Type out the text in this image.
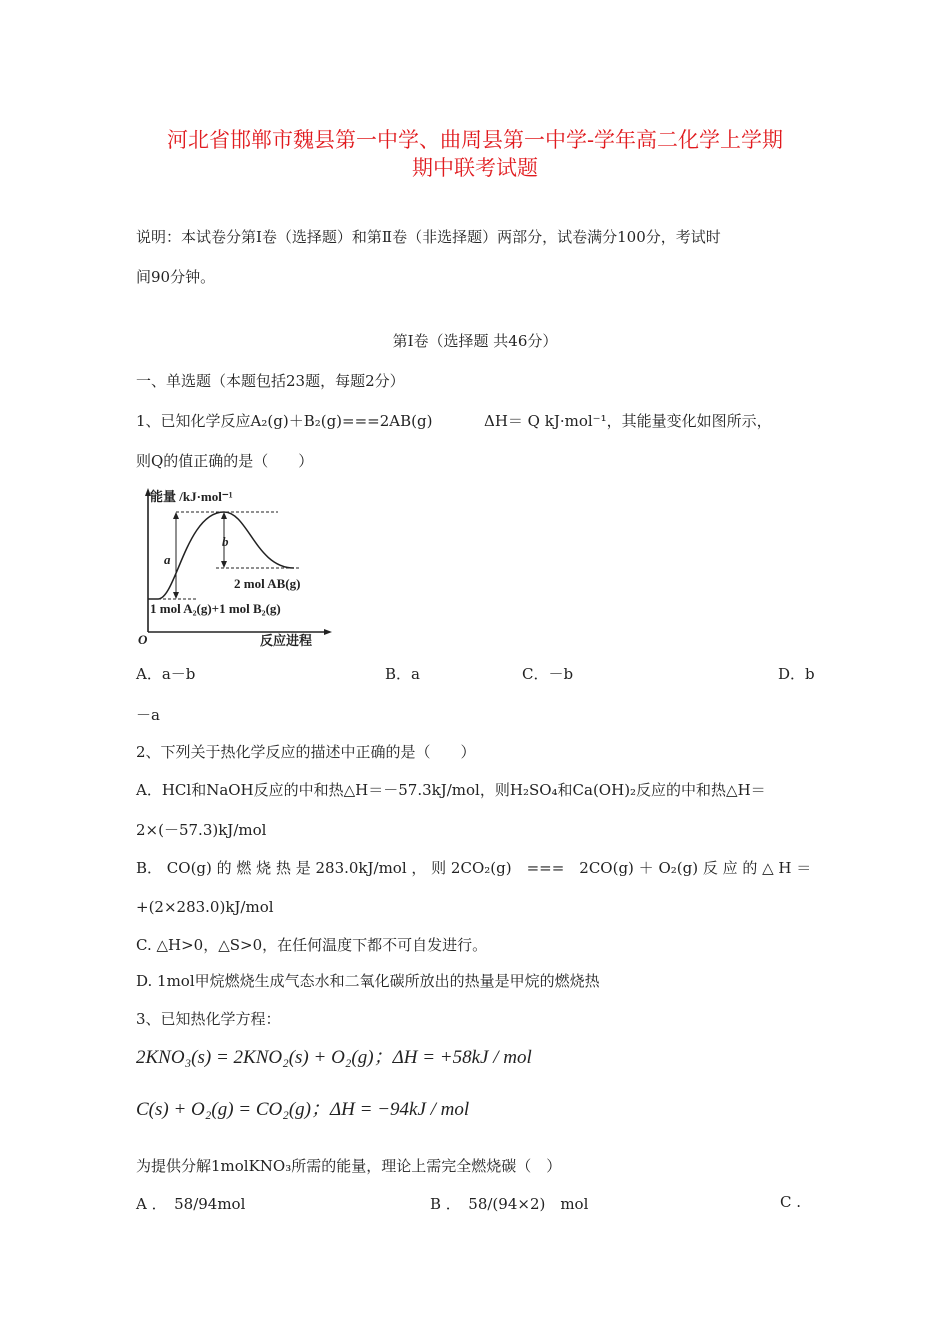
河北省邯郸市魏县第一中学、曲周县第一中学-学年高二化学上学期
期中联考试题
说明：本试卷分第Ⅰ卷（选择题）和第Ⅱ卷（非选择题）两部分，试卷满分100分，考试时
间90分钟。
第Ⅰ卷（选择题 共46分）
一、单选题（本题包括23题，每题2分）
1、已知化学反应A₂(g)＋B₂(g)===2AB(g)	ΔH＝ Q kJ·mol⁻¹，其能量变化如图所示，
则Q的值正确的是（　　）
能量 /kJ·mol⁻¹
反应进程
O
a
b
2 mol AB(g)
1 mol A₂(g)+1 mol B₂(g)
A．a－b	B．a	C．－b	D．b
－a
2、下列关于热化学反应的描述中正确的是（　　）
A．HCl和NaOH反应的中和热△H＝－57.3kJ/mol，则H₂SO₄和Ca(OH)₂反应的中和热△H＝
2×(－57.3)kJ/mol
B． CO(g) 的 燃 烧 热 是 283.0kJ/mol ， 则 2CO₂(g)　===　2CO(g) ＋ O₂(g) 反 应 的 △ H ＝
+(2×283.0)kJ/mol
C. △H>0，△S>0，在任何温度下都不可自发进行。
D. 1mol甲烷燃烧生成气态水和二氧化碳所放出的热量是甲烷的燃烧热
3、已知热化学方程：
2KNO₃(s) = 2KNO₂(s) + O₂(g)；ΔH = +58kJ / mol
C(s) + O₂(g) = CO₂(g)；ΔH = −94kJ / mol
为提供分解1molKNO₃所需的能量，理论上需完全燃烧碳（　）
A ．　58/94mol	B ．　58/(94×2)　mol	C .
